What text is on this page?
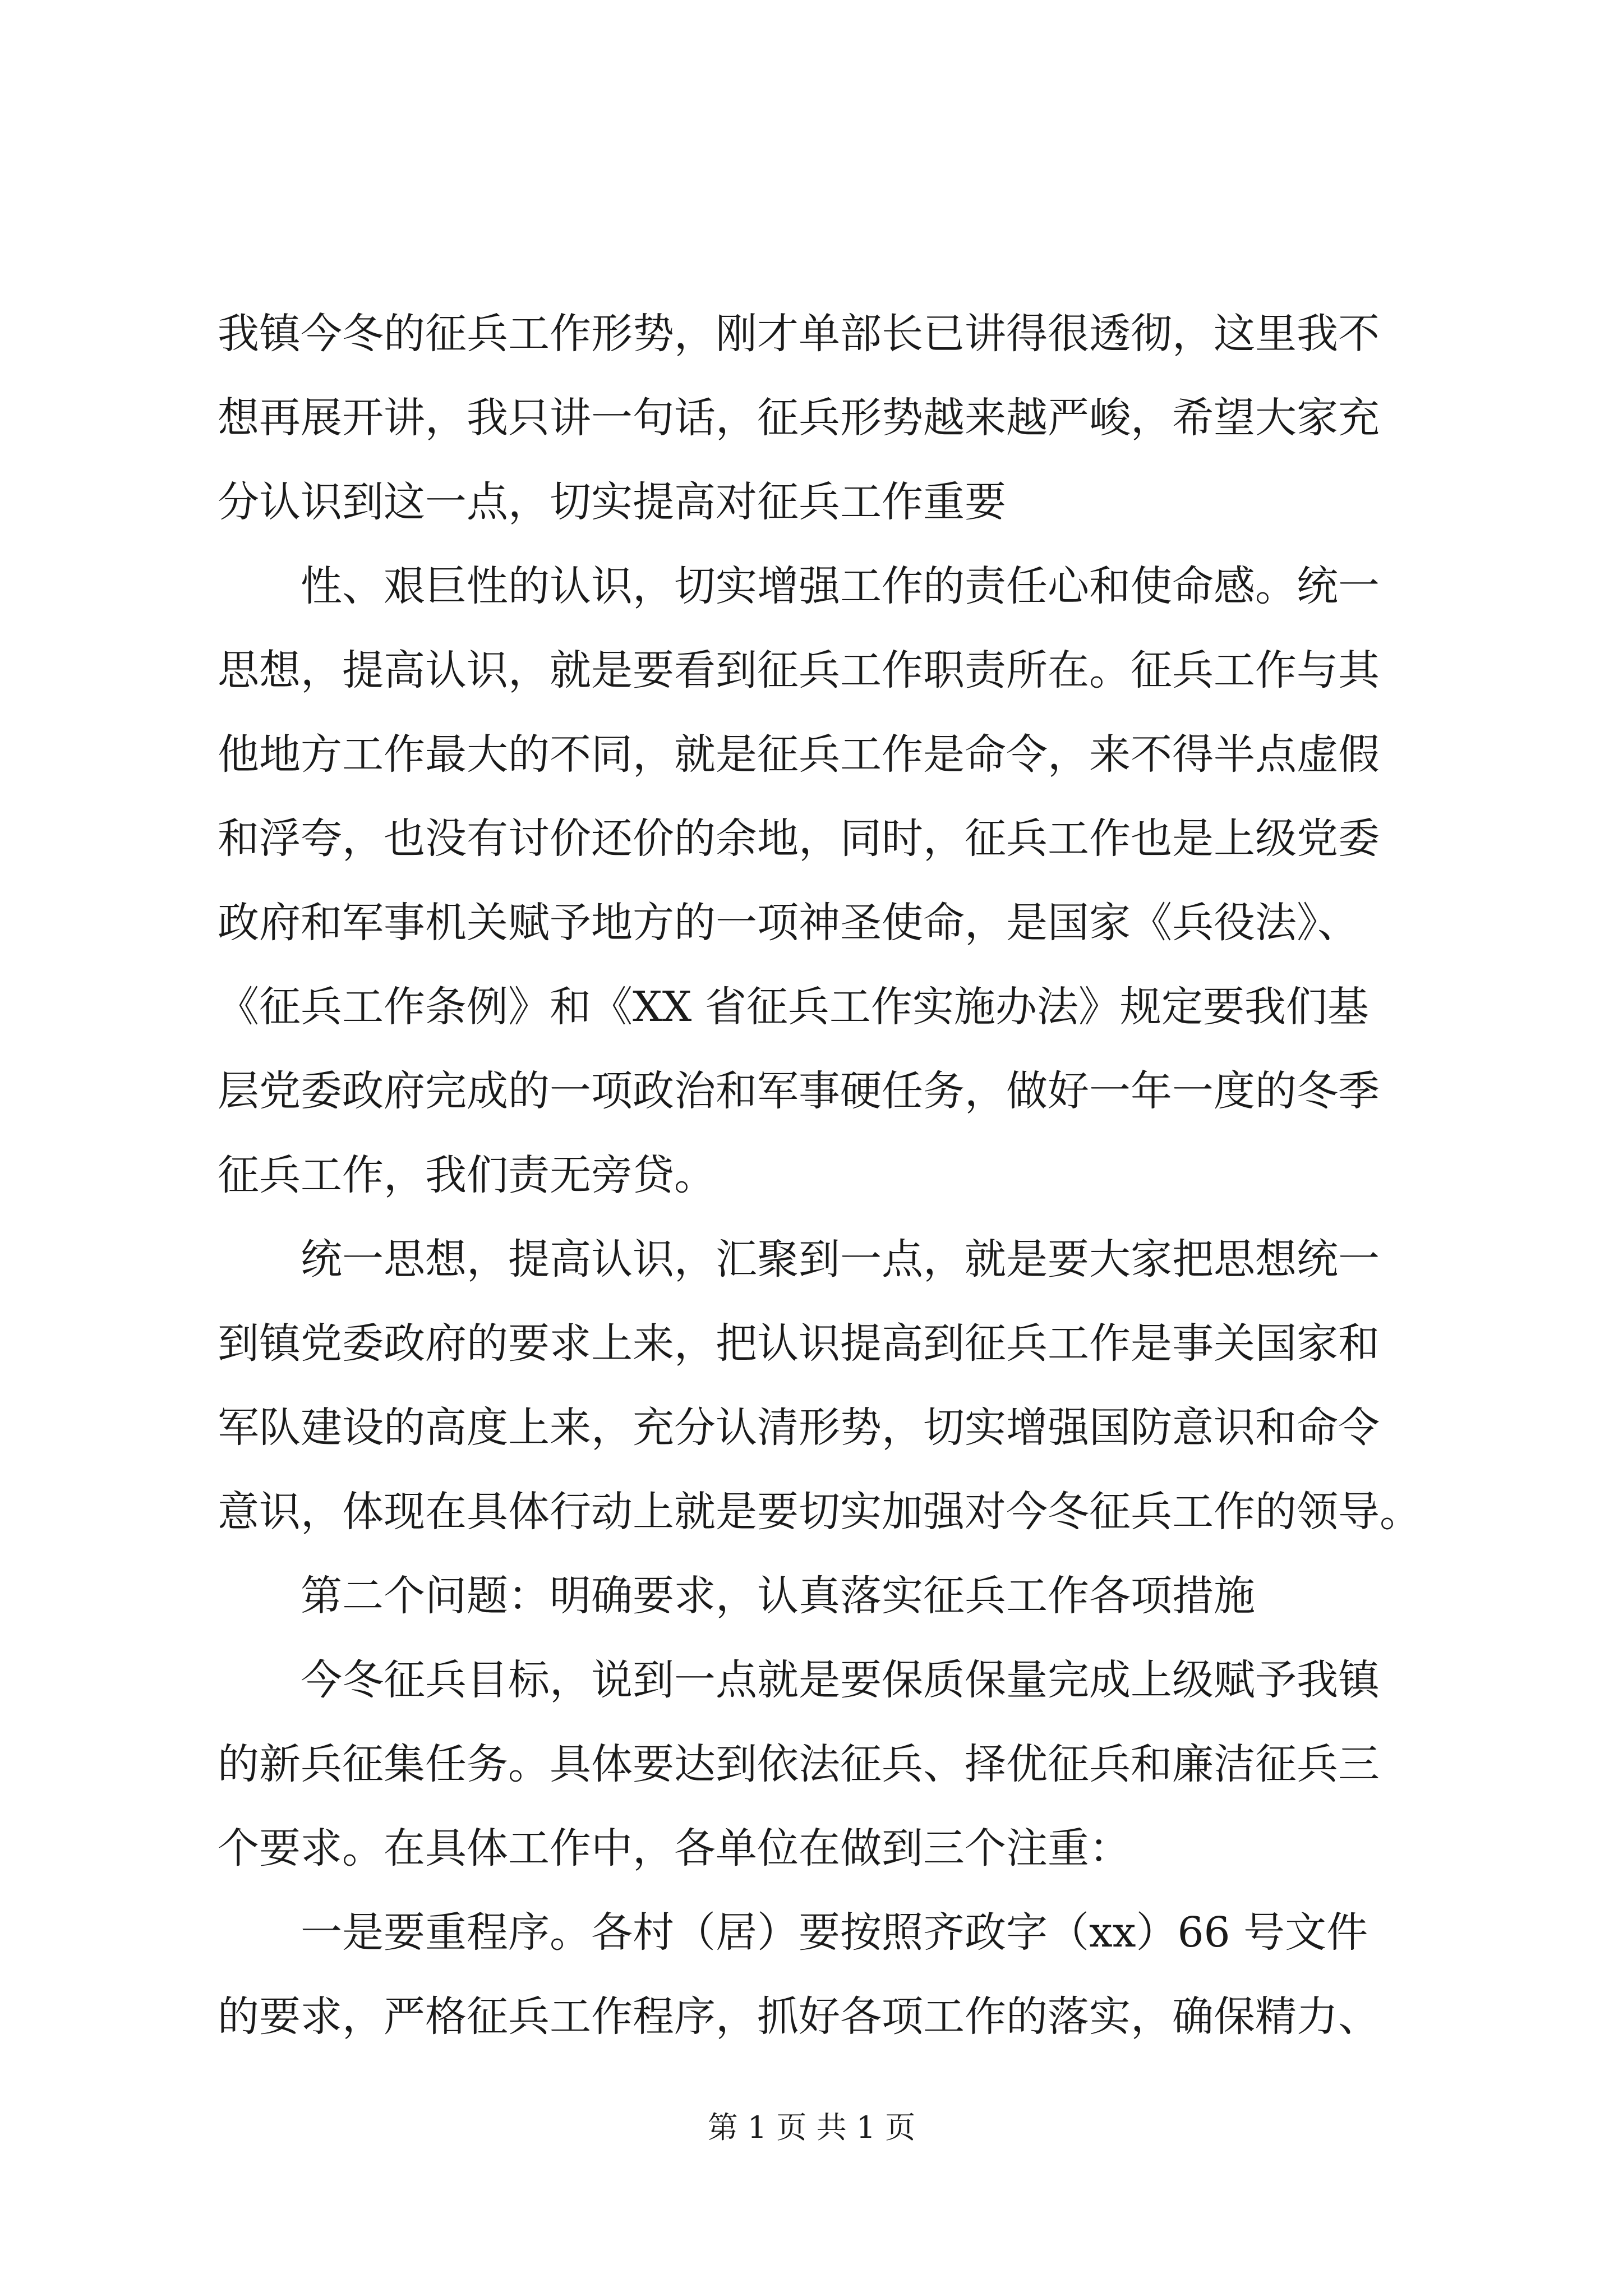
我镇今冬的征兵工作形势，刚才单部长已讲得很透彻，这里我不
想再展开讲，我只讲一句话，征兵形势越来越严峻，希望大家充
分认识到这一点，切实提高对征兵工作重要

　　性、艰巨性的认识，切实增强工作的责任心和使命感。统一
思想，提高认识，就是要看到征兵工作职责所在。征兵工作与其
他地方工作最大的不同，就是征兵工作是命令，来不得半点虚假
和浮夸，也没有讨价还价的余地，同时，征兵工作也是上级党委
政府和军事机关赋予地方的一项神圣使命，是国家《兵役法》、
《征兵工作条例》和《XX 省征兵工作实施办法》规定要我们基
层党委政府完成的一项政治和军事硬任务，做好一年一度的冬季
征兵工作，我们责无旁贷。

　　统一思想，提高认识，汇聚到一点，就是要大家把思想统一
到镇党委政府的要求上来，把认识提高到征兵工作是事关国家和
军队建设的高度上来，充分认清形势，切实增强国防意识和命令
意识，体现在具体行动上就是要切实加强对今冬征兵工作的领导。

　　第二个问题：明确要求，认真落实征兵工作各项措施

　　今冬征兵目标，说到一点就是要保质保量完成上级赋予我镇
的新兵征集任务。具体要达到依法征兵、择优征兵和廉洁征兵三
个要求。在具体工作中，各单位在做到三个注重：

　　一是要重程序。各村（居）要按照齐政字（xx）66 号文件
的要求，严格征兵工作程序，抓好各项工作的落实，确保精力、

第 1 页 共 1 页
